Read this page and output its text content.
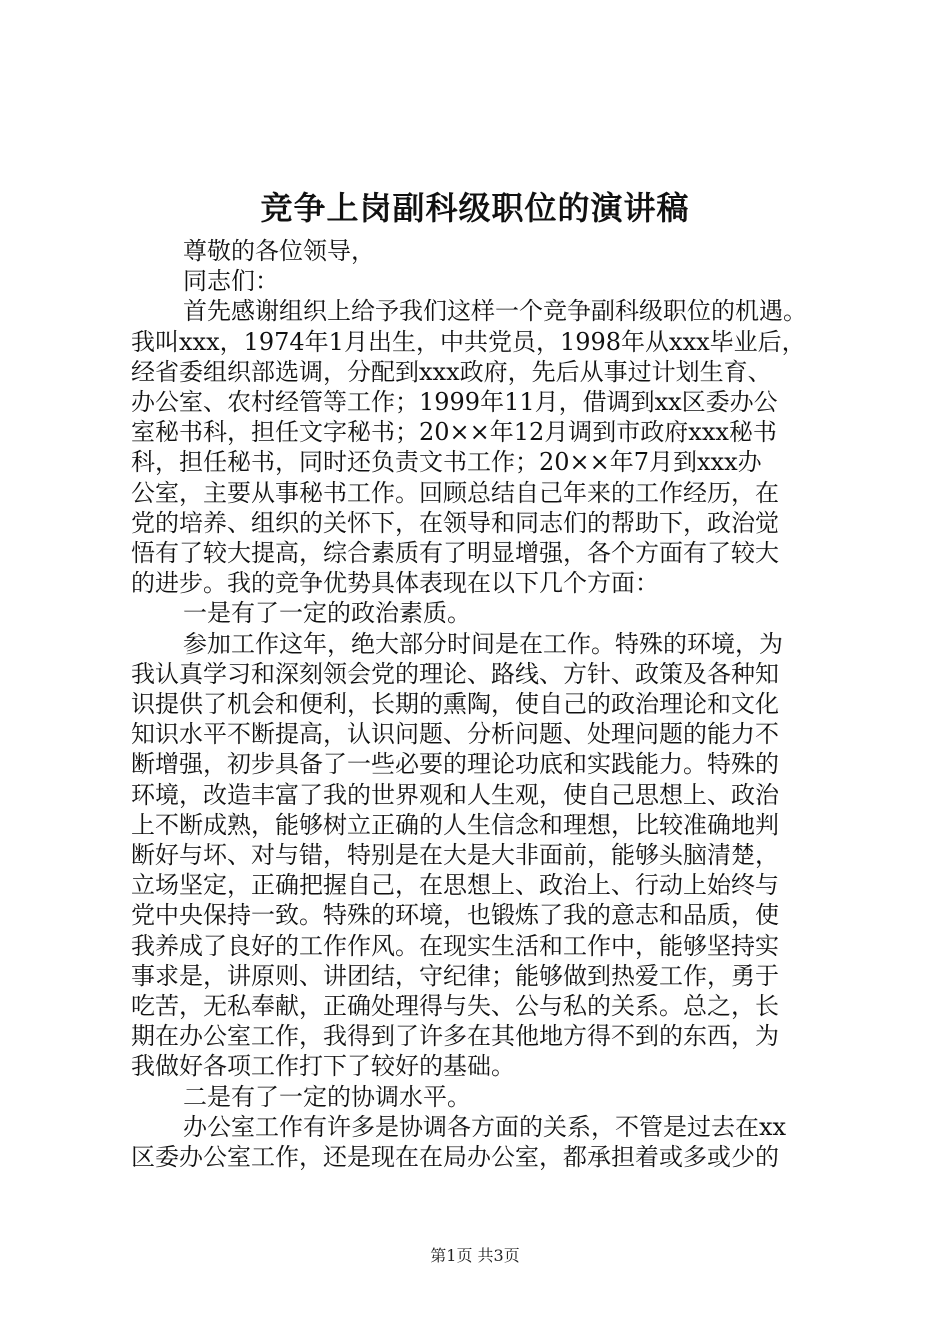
竞争上岗副科级职位的演讲稿
尊敬的各位领导，
同志们：
首先感谢组织上给予我们这样一个竞争副科级职位的机遇。
我叫xxx，1974年1月出生，中共党员，1998年从xxx毕业后，
经省委组织部选调，分配到xxx政府，先后从事过计划生育、
办公室、农村经管等工作；1999年11月，借调到xx区委办公
室秘书科，担任文字秘书；20××年12月调到市政府xxx秘书
科，担任秘书，同时还负责文书工作；20××年7月到xxx办
公室，主要从事秘书工作。回顾总结自己年来的工作经历，在
党的培养、组织的关怀下，在领导和同志们的帮助下，政治觉
悟有了较大提高，综合素质有了明显增强，各个方面有了较大
的进步。我的竞争优势具体表现在以下几个方面：
一是有了一定的政治素质。
参加工作这年，绝大部分时间是在工作。特殊的环境，为
我认真学习和深刻领会党的理论、路线、方针、政策及各种知
识提供了机会和便利，长期的熏陶，使自己的政治理论和文化
知识水平不断提高，认识问题、分析问题、处理问题的能力不
断增强，初步具备了一些必要的理论功底和实践能力。特殊的
环境，改造丰富了我的世界观和人生观，使自己思想上、政治
上不断成熟，能够树立正确的人生信念和理想，比较准确地判
断好与坏、对与错，特别是在大是大非面前，能够头脑清楚，
立场坚定，正确把握自己，在思想上、政治上、行动上始终与
党中央保持一致。特殊的环境，也锻炼了我的意志和品质，使
我养成了良好的工作作风。在现实生活和工作中，能够坚持实
事求是，讲原则、讲团结，守纪律；能够做到热爱工作，勇于
吃苦，无私奉献，正确处理得与失、公与私的关系。总之，长
期在办公室工作，我得到了许多在其他地方得不到的东西，为
我做好各项工作打下了较好的基础。
二是有了一定的协调水平。
办公室工作有许多是协调各方面的关系，不管是过去在xx
区委办公室工作，还是现在在局办公室，都承担着或多或少的
第1页 共3页
